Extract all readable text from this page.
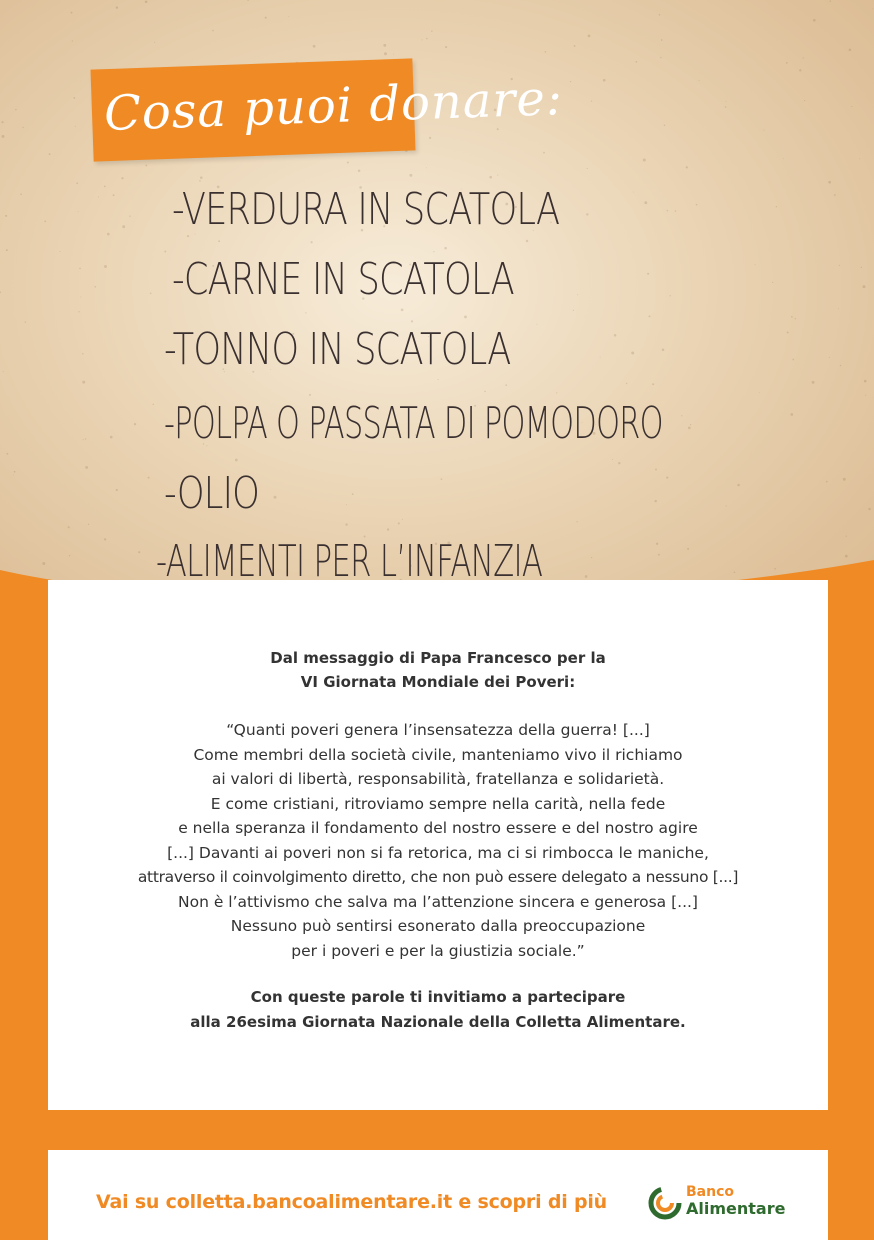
Cosa puoi donare:
-VERDURA IN SCATOLA
-CARNE IN SCATOLA
-TONNO IN SCATOLA
-POLPA O PASSATA DI POMODORO
-OLIO
-ALIMENTI PER L’INFANZIA
Dal messaggio di Papa Francesco per la
VI Giornata Mondiale dei Poveri:
“Quanti poveri genera l’insensatezza della guerra! [...]
Come membri della società civile, manteniamo vivo il richiamo
ai valori di libertà, responsabilità, fratellanza e solidarietà.
E come cristiani, ritroviamo sempre nella carità, nella fede
e nella speranza il fondamento del nostro essere e del nostro agire
[...] Davanti ai poveri non si fa retorica, ma ci si rimbocca le maniche,
attraverso il coinvolgimento diretto, che non può essere delegato a nessuno [...]
Non è l’attivismo che salva ma l’attenzione sincera e generosa [...]
Nessuno può sentirsi esonerato dalla preoccupazione
per i poveri e per la giustizia sociale.”
Con queste parole ti invitiamo a partecipare
alla 26esima Giornata Nazionale della Colletta Alimentare.
Vai su colletta.bancoalimentare.it e scopri di più	Banco
Alimentare
